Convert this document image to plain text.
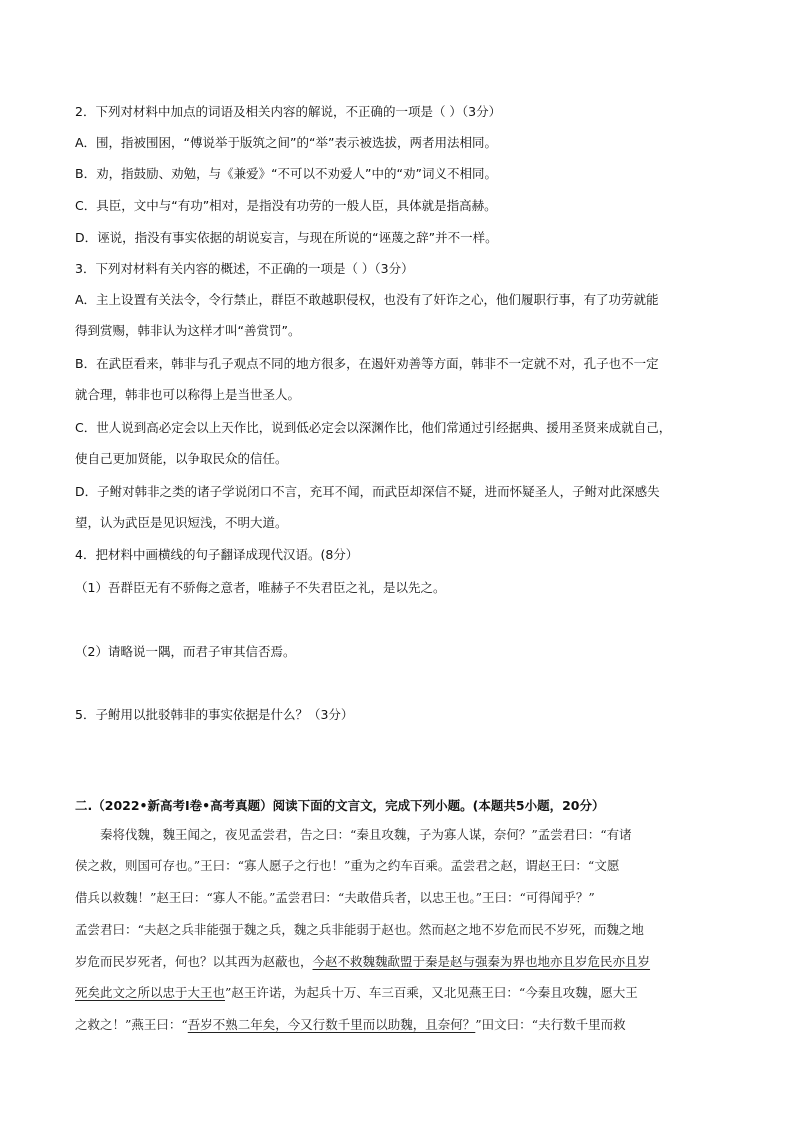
2．下列对材料中加点的词语及相关内容的解说，不正确的一项是（ ）（3分）
A．围，指被围困，“傅说举于版筑之间”的“举”表示被选拔，两者用法相同。
B．劝，指鼓励、劝勉，与《兼爱》“不可以不劝爱人”中的“劝”词义不相同。
C．具臣，文中与“有功”相对，是指没有功劳的一般人臣，具体就是指高赫。
D．诬说，指没有事实依据的胡说妄言，与现在所说的“诬蔑之辞”并不一样。
3．下列对材料有关内容的概述，不正确的一项是（ ）（3分）
A．主上设置有关法令，令行禁止，群臣不敢越职侵权，也没有了奸诈之心，他们履职行事，有了功劳就能
得到赏赐，韩非认为这样才叫“善赏罚”。
B．在武臣看来，韩非与孔子观点不同的地方很多，在遏奸劝善等方面，韩非不一定就不对，孔子也不一定
就合理，韩非也可以称得上是当世圣人。
C．世人说到高必定会以上天作比，说到低必定会以深渊作比，他们常通过引经据典、援用圣贤来成就自己，
使自己更加贤能，以争取民众的信任。
D．子鲋对韩非之类的诸子学说闭口不言，充耳不闻，而武臣却深信不疑，进而怀疑圣人，子鲋对此深感失
望，认为武臣是见识短浅，不明大道。
4．把材料中画横线的句子翻译成现代汉语。(8分）
（1）吾群臣无有不骄侮之意者，唯赫子不失君臣之礼，是以先之。
（2）请略说一隅，而君子审其信否焉。
5．子鲋用以批驳韩非的事实依据是什么？（3分）
二.（2022•新高考Ⅰ卷•高考真题）阅读下面的文言文，完成下列小题。(本题共5小题，20分）
秦将伐魏，魏王闻之，夜见孟尝君，告之曰：“秦且攻魏，子为寡人谋，奈何？”孟尝君曰：“有诸
侯之救，则国可存也。”王曰：“寡人愿子之行也！”重为之约车百乘。孟尝君之赵，谓赵王曰：“文愿
借兵以救魏！”赵王曰：“寡人不能。”孟尝君曰：“夫敢借兵者，以忠王也。”王曰：“可得闻乎？”
孟尝君曰：“夫赵之兵非能强于魏之兵，魏之兵非能弱于赵也。然而赵之地不岁危而民不岁死，而魏之地
岁危而民岁死者，何也？以其西为赵蔽也，今赵不救魏魏歃盟于秦是赵与强秦为界也地亦且岁危民亦且岁
死矣此文之所以忠于大王也”赵王许诺，为起兵十万、车三百乘，又北见燕王曰：“今秦且攻魏，愿大王
之救之！”燕王曰：“吾岁不熟二年矣，今又行数千里而以助魏，且奈何？”田文曰：“夫行数千里而救
